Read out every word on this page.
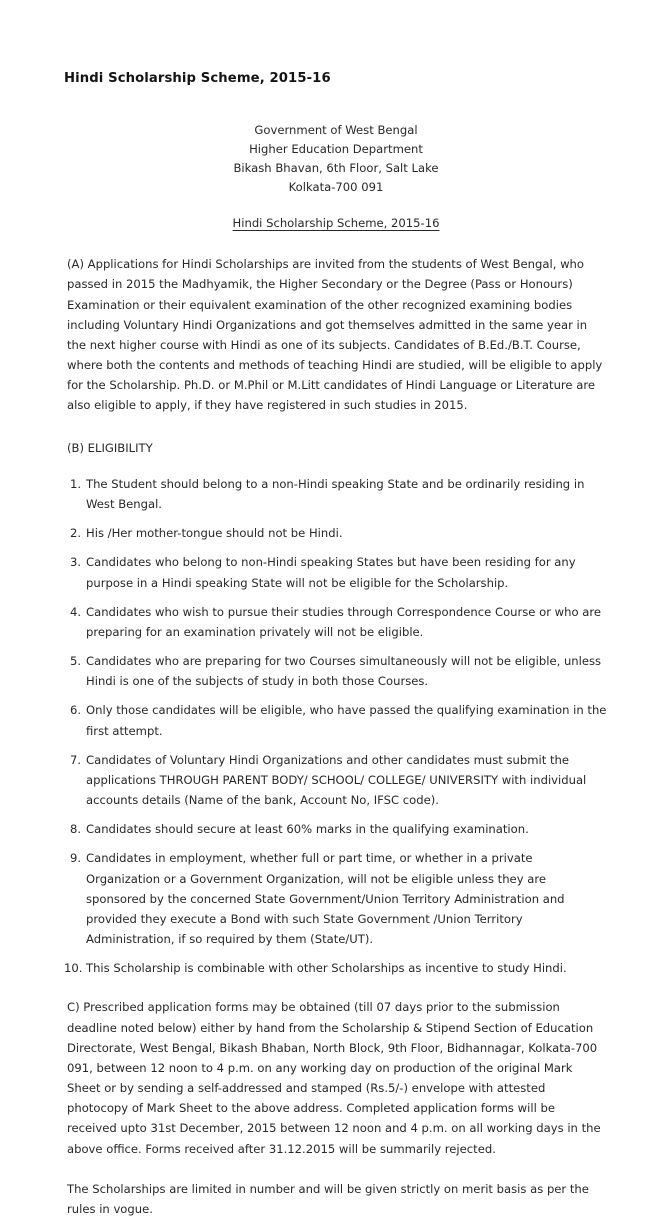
Hindi Scholarship Scheme, 2015-16
Government of West Bengal
Higher Education Department
Bikash Bhavan, 6th Floor, Salt Lake
Kolkata-700 091
Hindi Scholarship Scheme, 2015-16

(A) Applications for Hindi Scholarships are invited from the students of West Bengal, who passed in 2015 the Madhyamik, the Higher Secondary or the Degree (Pass or Honours) Examination or their equivalent examination of the other recognized examining bodies including Voluntary Hindi Organizations and got themselves admitted in the same year in the next higher course with Hindi as one of its subjects. Candidates of B.Ed./B.T. Course, where both the contents and methods of teaching Hindi are studied, will be eligible to apply for the Scholarship. Ph.D. or M.Phil or M.Litt candidates of Hindi Language or Literature are also eligible to apply, if they have registered in such studies in 2015.

(B) ELIGIBILITY
1. The Student should belong to a non-Hindi speaking State and be ordinarily residing in West Bengal.
2. His /Her mother-tongue should not be Hindi.
3. Candidates who belong to non-Hindi speaking States but have been residing for any purpose in a Hindi speaking State will not be eligible for the Scholarship.
4. Candidates who wish to pursue their studies through Correspondence Course or who are preparing for an examination privately will not be eligible.
5. Candidates who are preparing for two Courses simultaneously will not be eligible, unless Hindi is one of the subjects of study in both those Courses.
6. Only those candidates will be eligible, who have passed the qualifying examination in the first attempt.
7. Candidates of Voluntary Hindi Organizations and other candidates must submit the applications THROUGH PARENT BODY/ SCHOOL/ COLLEGE/ UNIVERSITY with individual accounts details (Name of the bank, Account No, IFSC code).
8. Candidates should secure at least 60% marks in the qualifying examination.
9. Candidates in employment, whether full or part time, or whether in a private Organization or a Government Organization, will not be eligible unless they are sponsored by the concerned State Government/Union Territory Administration and provided they execute a Bond with such State Government /Union Territory Administration, if so required by them (State/UT).
10. This Scholarship is combinable with other Scholarships as incentive to study Hindi.

C) Prescribed application forms may be obtained (till 07 days prior to the submission deadline noted below) either by hand from the Scholarship & Stipend Section of Education Directorate, West Bengal, Bikash Bhaban, North Block, 9th Floor, Bidhannagar, Kolkata-700 091, between 12 noon to 4 p.m. on any working day on production of the original Mark Sheet or by sending a self-addressed and stamped (Rs.5/-) envelope with attested photocopy of Mark Sheet to the above address. Completed application forms will be received upto 31st December, 2015 between 12 noon and 4 p.m. on all working days in the above office. Forms received after 31.12.2015 will be summarily rejected.

The Scholarships are limited in number and will be given strictly on merit basis as per the rules in vogue.
